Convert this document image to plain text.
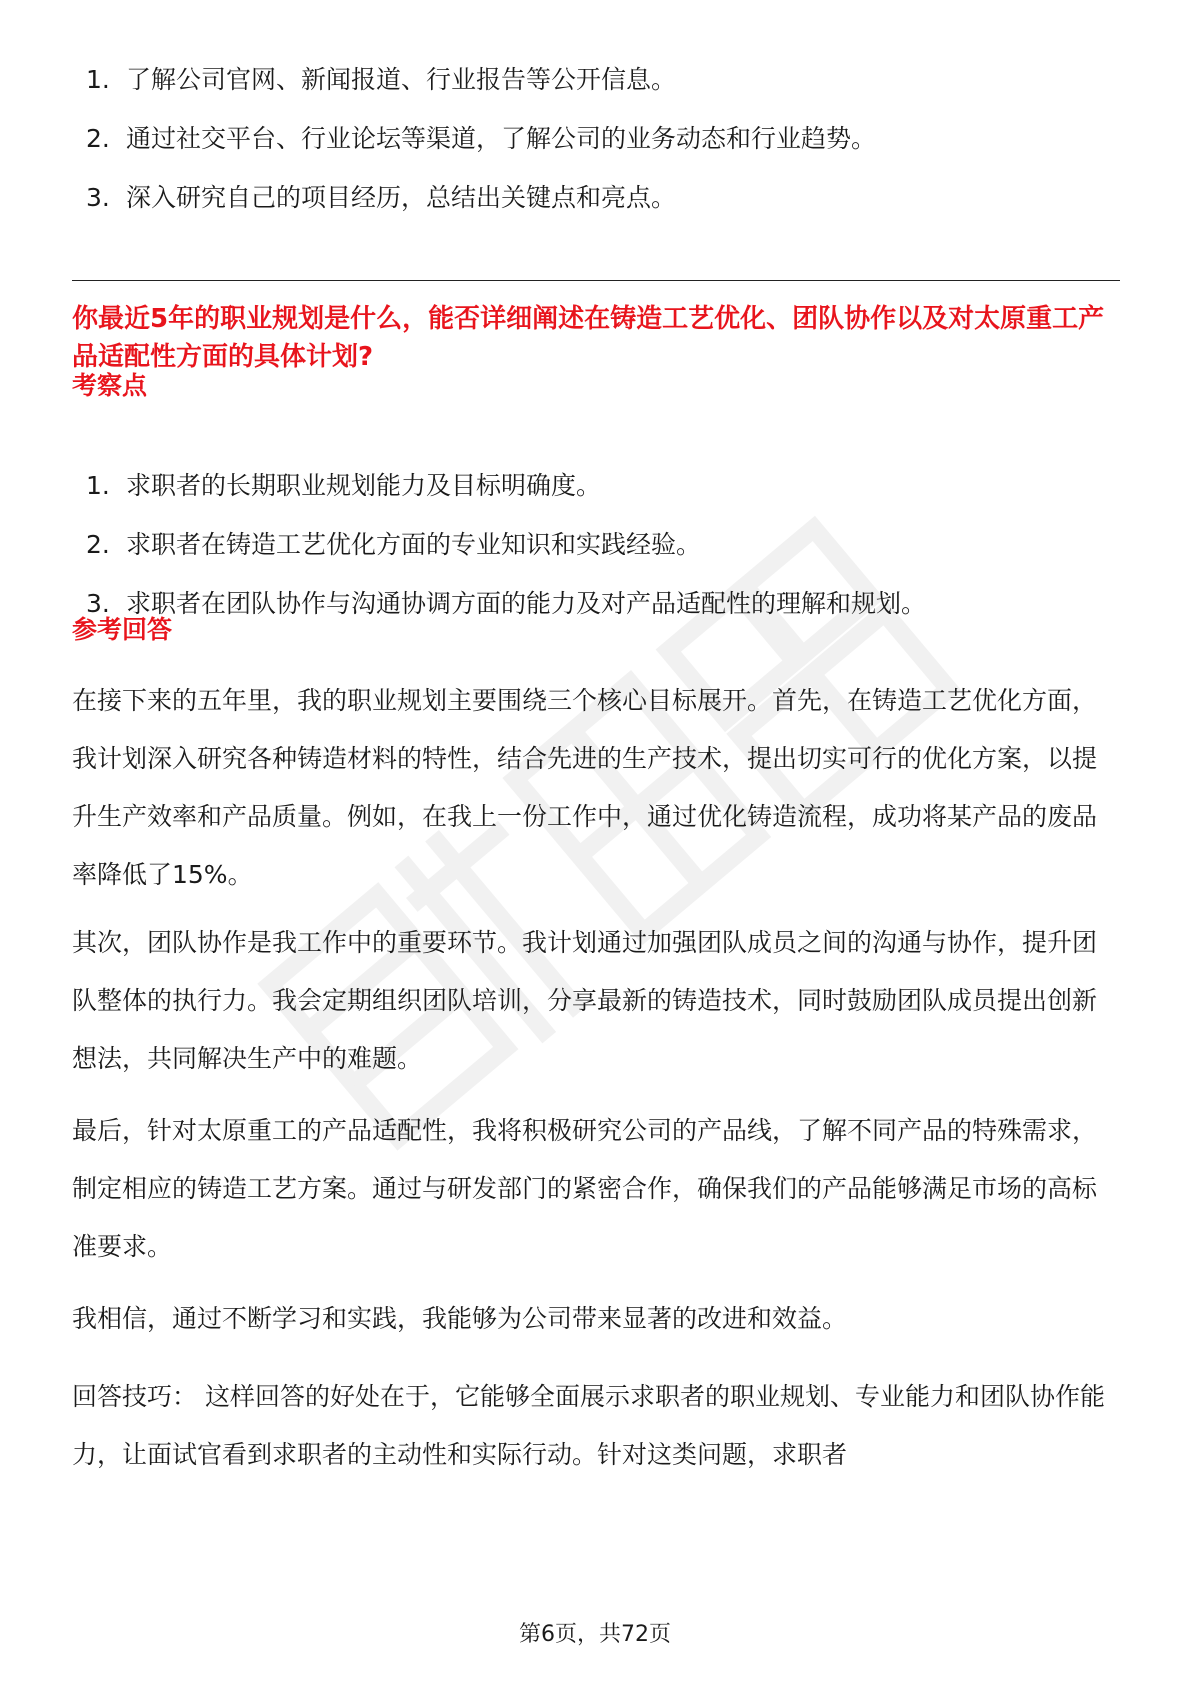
1. 了解公司官网、新闻报道、行业报告等公开信息。
2. 通过社交平台、行业论坛等渠道，了解公司的业务动态和行业趋势。
3. 深入研究自己的项目经历，总结出关键点和亮点。
你最近5年的职业规划是什么，能否详细阐述在铸造工艺优化、团队协作以及对太原重工产品适配性方面的具体计划?
考察点
1. 求职者的长期职业规划能力及目标明确度。
2. 求职者在铸造工艺优化方面的专业知识和实践经验。
3. 求职者在团队协作与沟通协调方面的能力及对产品适配性的理解和规划。
参考回答

在接下来的五年里，我的职业规划主要围绕三个核心目标展开。首先，在铸造工艺优化方面，我计划深入研究各种铸造材料的特性，结合先进的生产技术，提出切实可行的优化方案，以提升生产效率和产品质量。例如，在我上一份工作中，通过优化铸造流程，成功将某产品的废品率降低了15%。

其次，团队协作是我工作中的重要环节。我计划通过加强团队成员之间的沟通与协作，提升团队整体的执行力。我会定期组织团队培训，分享最新的铸造技术，同时鼓励团队成员提出创新想法，共同解决生产中的难题。

最后，针对太原重工的产品适配性，我将积极研究公司的产品线，了解不同产品的特殊需求，制定相应的铸造工艺方案。通过与研发部门的紧密合作，确保我们的产品能够满足市场的高标准要求。

我相信，通过不断学习和实践，我能够为公司带来显著的改进和效益。

回答技巧： 这样回答的好处在于，它能够全面展示求职者的职业规划、专业能力和团队协作能力，让面试官看到求职者的主动性和实际行动。针对这类问题，求职者

第6页，共72页
